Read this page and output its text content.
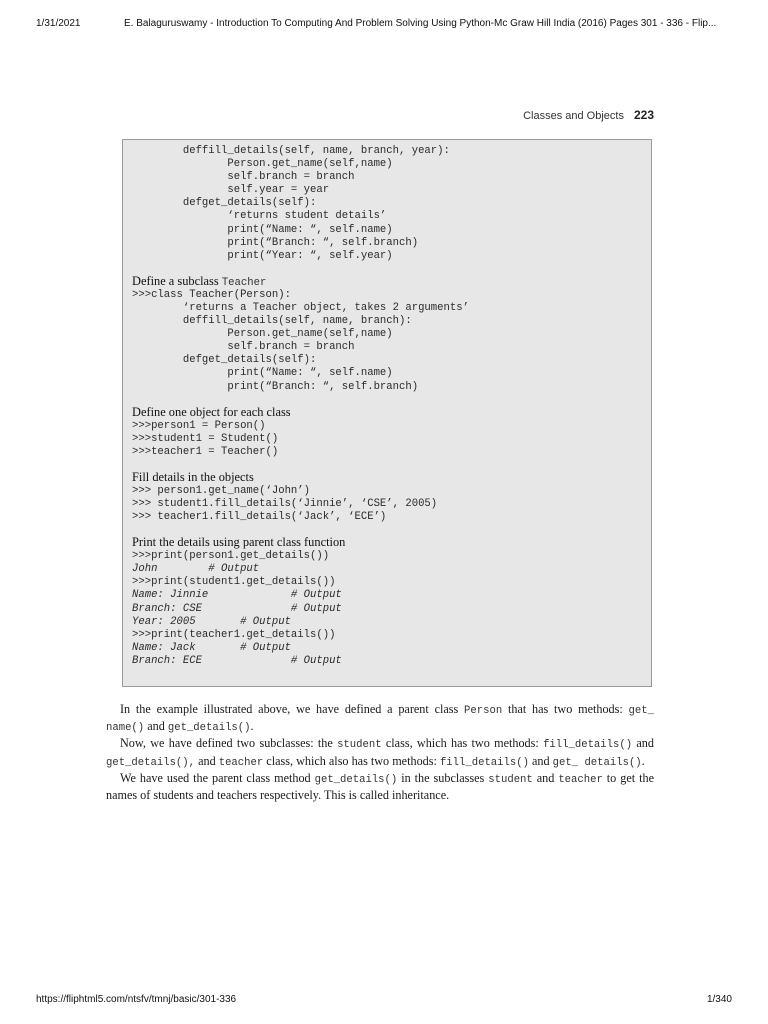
1/31/2021	E. Balaguruswamy - Introduction To Computing And Problem Solving Using Python-Mc Graw Hill India (2016) Pages 301 - 336 - Flip...
Classes and Objects 223
deffill_details(self, name, branch, year):
Person.get_name(self,name)
self.branch = branch
self.year = year
defget_details(self):
‘returns student details’
print(“Name: “, self.name)
print(“Branch: “, self.branch)
print(“Year: “, self.year)
Define a subclass Teacher
>>>class Teacher(Person):
‘returns a Teacher object, takes 2 arguments’
deffill_details(self, name, branch):
Person.get_name(self,name)
self.branch = branch
defget_details(self):
print(“Name: “, self.name)
print(“Branch: “, self.branch)
Define one object for each class
>>>person1 = Person()
>>>student1 = Student()
>>>teacher1 = Teacher()
Fill details in the objects
>>> person1.get_name(‘John’)
>>> student1.fill_details(‘Jinnie’, ‘CSE’, 2005)
>>> teacher1.fill_details(‘Jack’, ‘ECE’)
Print the details using parent class function
>>>print(person1.get_details())
John        # Output
>>>print(student1.get_details())
Name: Jinnie             # Output
Branch: CSE              # Output
Year: 2005       # Output
>>>print(teacher1.get_details())
Name: Jack       # Output
Branch: ECE              # Output

In the example illustrated above, we have defined a parent class Person that has two methods: get_ name() and get_details().

Now, we have defined two subclasses: the student class, which has two methods: fill_details() and get_details(), and teacher class, which also has two methods: fill_details() and get_ details().

We have used the parent class method get_details() in the subclasses student and teacher to get the names of students and teachers respectively. This is called inheritance.

https://fliphtml5.com/ntsfv/tmnj/basic/301-336	1/340
